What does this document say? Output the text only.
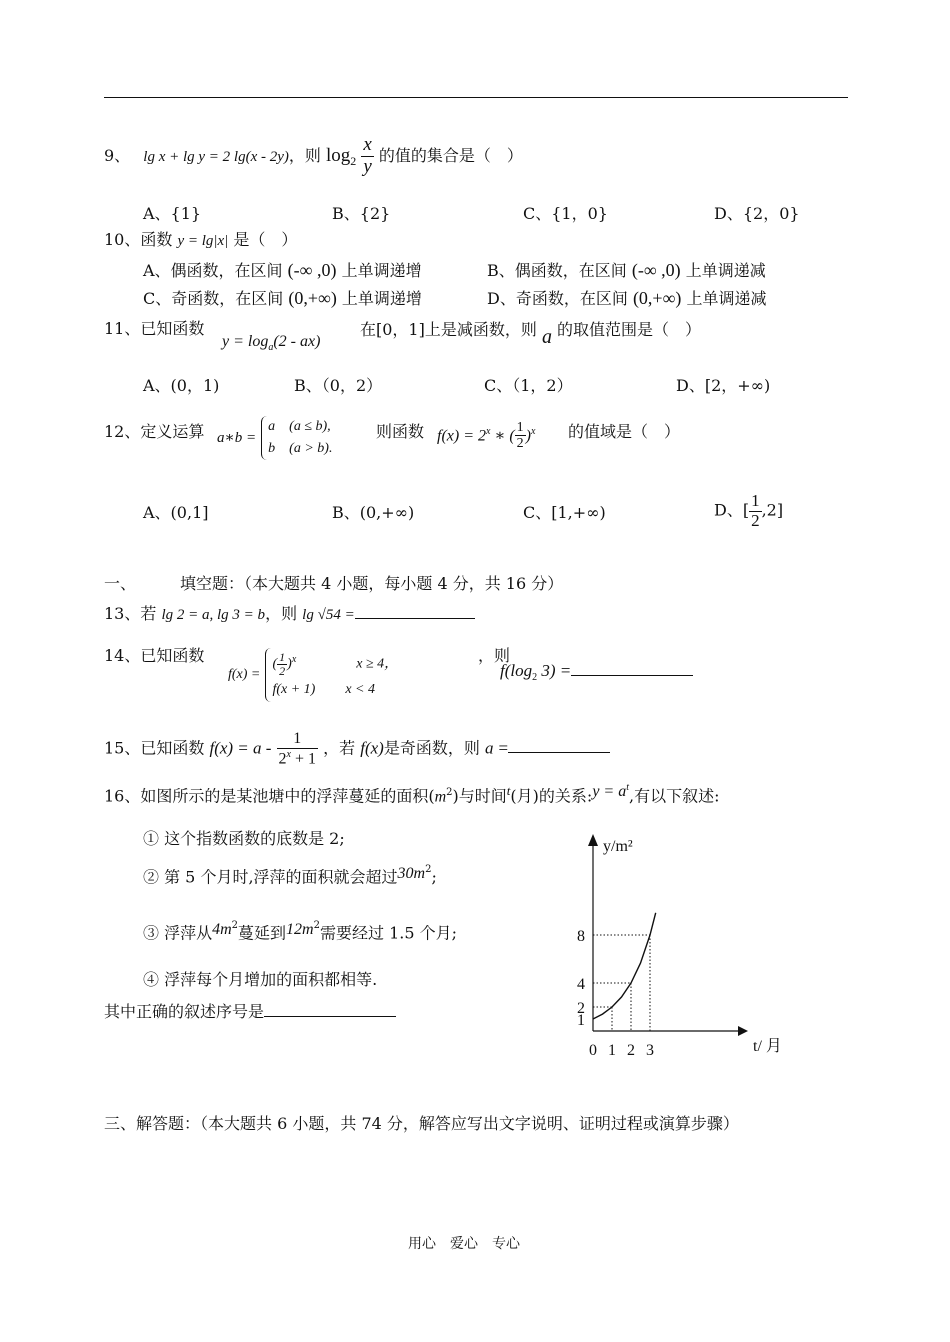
9、 lg x + lg y = 2 lg(x - 2y)，则 $\log_2 \frac{x}{y}$ 的值的集合是（　）
A、{1}	B、{2}	C、{1，0}	D、{2，0}
10、函数 y = lg|x| 是（　）
A、偶函数，在区间 (-∞ ,0) 上单调递增	B、偶函数，在区间 (-∞ ,0) 上单调递减
C、奇函数，在区间 (0,+∞) 上单调递增	D、奇函数，在区间 (0,+∞) 上单调递减
11、已知函数
$y = \log_a(2 - ax)$
在[0，1]上是减函数，则 a 的取值范围是（　）
A、(0，1)	B、（0，2）	C、（1，2）	D、[2，+∞)
12、定义运算 a∗b =
a　(a ≤ b),
b　(a > b).
则函数 $f(x) = 2^x$ ∗ ( $\frac{1}{2} )^x$ 的值域是（　）
A、(0,1]	B、(0,+∞)	C、[1,+∞)	D、[ $\frac{1}{2} ,2$]
一、	填空题：（本大题共 4 小题，每小题 4 分，共 16 分）
13、若 lg 2 = a, lg 3 = b，则 lg √54 =
14、已知函数
f(x) =
( $\frac{1}{2} )^x$	x ≥ 4，
f(x + 1) x < 4
，则
$f(\log_2$ 3) =
15、已知函数 $f(x) = a - \frac{1}{2^x + 1}$ ，若 f(x)是奇函数，则 a =
16、如图所示的是某池塘中的浮萍蔓延的面积$(m^2)$与时间$^t$(月)的关系:y = $a^t$,有以下叙述:
① 这个指数函数的底数是 2;
② 第 5 个月时,浮萍的面积就会超过$30m^2$;
③ 浮萍从$4m^2$蔓延到$12m^2$需要经过 1.5 个月;
④ 浮萍每个月增加的面积都相等.
其中正确的叙述序号是
0 1 2 3
1
2
4
8
t/ 月
y/m²
三、解答题：（本大题共 6 小题，共 74 分，解答应写出文字说明、证明过程或演算步骤）
用心　爱心　专心
